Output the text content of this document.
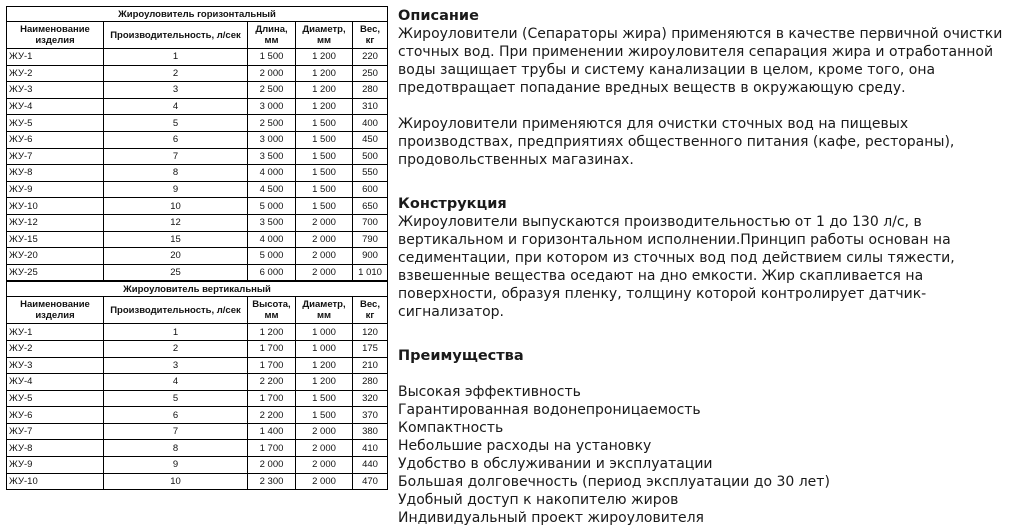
Жироуловитель горизонтальный				
Наименование изделия	Производительность, л/сек	Длина, мм	Диаметр, мм	Вес, кг
ЖУ-1	1	1 500	1 200	220
ЖУ-2	2	2 000	1 200	250
ЖУ-3	3	2 500	1 200	280
ЖУ-4	4	3 000	1 200	310
ЖУ-5	5	2 500	1 500	400
ЖУ-6	6	3 000	1 500	450
ЖУ-7	7	3 500	1 500	500
ЖУ-8	8	4 000	1 500	550
ЖУ-9	9	4 500	1 500	600
ЖУ-10	10	5 000	1 500	650
ЖУ-12	12	3 500	2 000	700
ЖУ-15	15	4 000	2 000	790
ЖУ-20	20	5 000	2 000	900
ЖУ-25	25	6 000	2 000	1 010
Жироуловитель вертикальный				
Наименование изделия	Производительность, л/сек	Высота, мм	Диаметр, мм	Вес, кг
ЖУ-1	1	1 200	1 000	120
ЖУ-2	2	1 700	1 000	175
ЖУ-3	3	1 700	1 200	210
ЖУ-4	4	2 200	1 200	280
ЖУ-5	5	1 700	1 500	320
ЖУ-6	6	2 200	1 500	370
ЖУ-7	7	1 400	2 000	380
ЖУ-8	8	1 700	2 000	410
ЖУ-9	9	2 000	2 000	440
ЖУ-10	10	2 300	2 000	470
Описание

Жироуловители (Сепараторы жира) применяются в качестве первичной очистки сточных вод. При применении жироуловителя сепарация жира и отработанной воды защищает трубы и систему канализации в целом, кроме того, она предотвращает попадание вредных веществ в окружающую среду.

Жироуловители применяются для очистки сточных вод на пищевых производствах, предприятиях общественного питания (кафе, рестораны), продовольственных магазинах.

Конструкция

Жироуловители выпускаются производительностью от 1 до 130 л/с, в вертикальном и горизонтальном исполнении.Принцип работы основан на седиментации, при котором из сточных вод под действием силы тяжести, взвешенные вещества оседают на дно емкости. Жир скапливается на поверхности, образуя пленку, толщину которой контролирует датчик-сигнализатор.

Преимущества
Высокая эффективность
Гарантированная водонепроницаемость
Компактность
Небольшие расходы на установку
Удобство в обслуживании и эксплуатации
Большая долговечность (период эксплуатации до 30 лет)
Удобный доступ к накопителю жиров
Индивидуальный проект жироуловителя
